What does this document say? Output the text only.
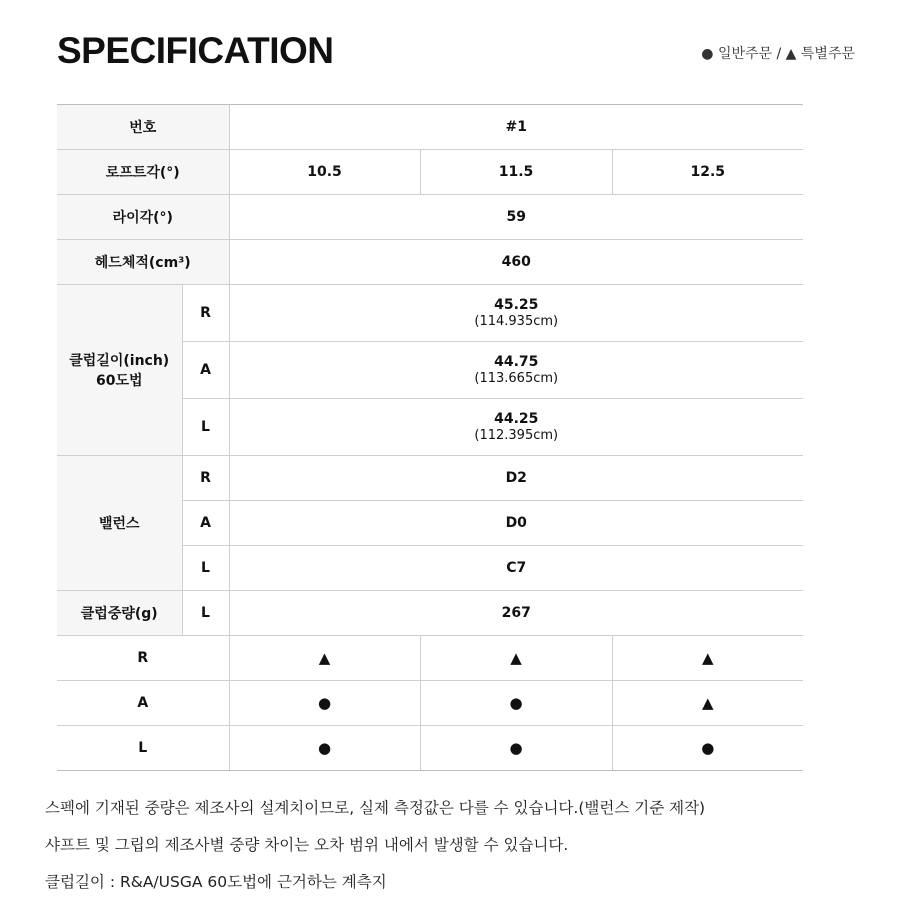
SPECIFICATION	● 일반주문 / ▲ 특별주문
번호		#1		
로프트각(°)		10.5	11.5	12.5
라이각(°)		59		
헤드체적(cm³)		460		

클럽길이(inch)
60도법	R	45.25
(114.935cm)		

	A	44.75
(113.665cm)		

	L	44.25
(112.395cm)		

밸런스	R	D2		
	A	D0		
	L	C7		
클럽중량(g)	L	267		
R		▲	▲	▲
A		●	●	▲
L		●	●	●
스펙에 기재된 중량은 제조사의 설계치이므로, 실제 측정값은 다를 수 있습니다.(밸런스 기준 제작)
샤프트 및 그립의 제조사별 중량 차이는 오차 범위 내에서 발생할 수 있습니다.
클럽길이 : R&A/USGA 60도법에 근거하는 계측지
